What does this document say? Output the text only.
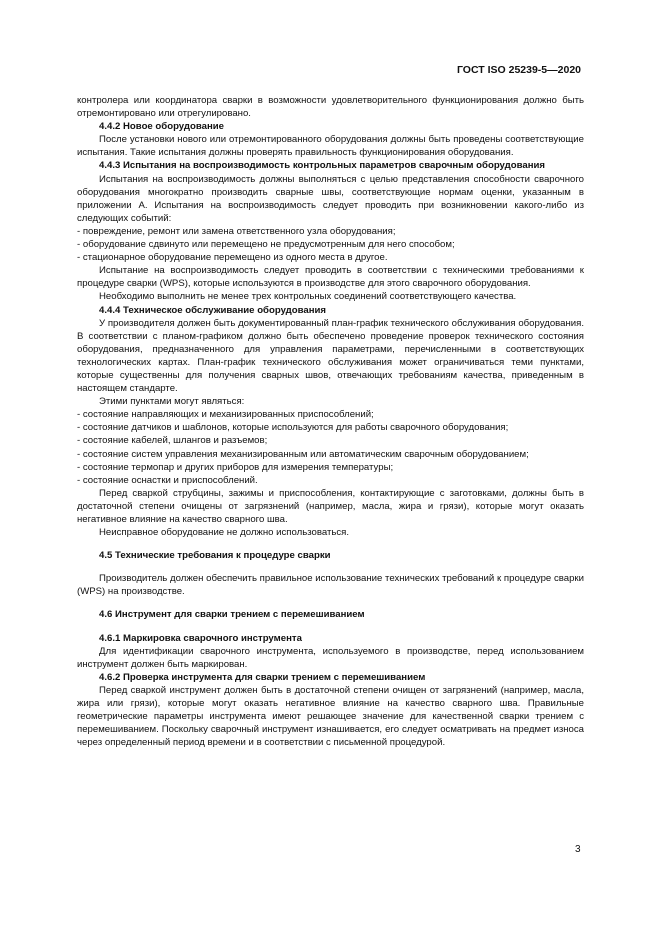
ГОСТ ISO 25239-5—2020

контролера или координатора сварки в возможности удовлетворительного функционирования должно быть отремонтировано или отрегулировано.

4.4.2 Новое оборудование

После установки нового или отремонтированного оборудования должны быть проведены соответствующие испытания. Такие испытания должны проверять правильность функционирования оборудования.

4.4.3 Испытания на воспроизводимость контрольных параметров сварочным оборудования

Испытания на воспроизводимость должны выполняться с целью представления способности сварочного оборудования многократно производить сварные швы, соответствующие нормам оценки, указанным в приложении А. Испытания на воспроизводимость следует проводить при возникновении какого-либо из следующих событий:

- повреждение, ремонт или замена ответственного узла оборудования;

- оборудование сдвинуто или перемещено не предусмотренным для него способом;

- стационарное оборудование перемещено из одного места в другое.

Испытание на воспроизводимость следует проводить в соответствии с техническими требованиями к процедуре сварки (WPS), которые используются в производстве для этого сварочного оборудования.

Необходимо выполнить не менее трех контрольных соединений соответствующего качества.

4.4.4 Техническое обслуживание оборудования

У производителя должен быть документированный план-график технического обслуживания оборудования. В соответствии с планом-графиком должно быть обеспечено проведение проверок технического состояния оборудования, предназначенного для управления параметрами, перечисленными в соответствующих технологических картах. План-график технического обслуживания может ограничиваться теми пунктами, которые существенны для получения сварных швов, отвечающих требованиям качества, приведенным в настоящем стандарте.

Этими пунктами могут являться:

- состояние направляющих и механизированных приспособлений;

- состояние датчиков и шаблонов, которые используются для работы сварочного оборудования;

- состояние кабелей, шлангов и разъемов;

- состояние систем управления механизированным или автоматическим сварочным оборудованием;

- состояние термопар и других приборов для измерения температуры;

- состояние оснастки и приспособлений.

Перед сваркой струбцины, зажимы и приспособления, контактирующие с заготовками, должны быть в достаточной степени очищены от загрязнений (например, масла, жира и грязи), которые могут оказать негативное влияние на качество сварного шва.

Неисправное оборудование не должно использоваться.

4.5 Технические требования к процедуре сварки

Производитель должен обеспечить правильное использование технических требований к процедуре сварки (WPS) на производстве.

4.6 Инструмент для сварки трением с перемешиванием

4.6.1 Маркировка сварочного инструмента

Для идентификации сварочного инструмента, используемого в производстве, перед использованием инструмент должен быть маркирован.

4.6.2 Проверка инструмента для сварки трением с перемешиванием

Перед сваркой инструмент должен быть в достаточной степени очищен от загрязнений (например, масла, жира или грязи), которые могут оказать негативное влияние на качество сварного шва. Правильные геометрические параметры инструмента имеют решающее значение для качественной сварки трением с перемешиванием. Поскольку сварочный инструмент изнашивается, его следует осматривать на предмет износа через определенный период времени и в соответствии с письменной процедурой.

3
